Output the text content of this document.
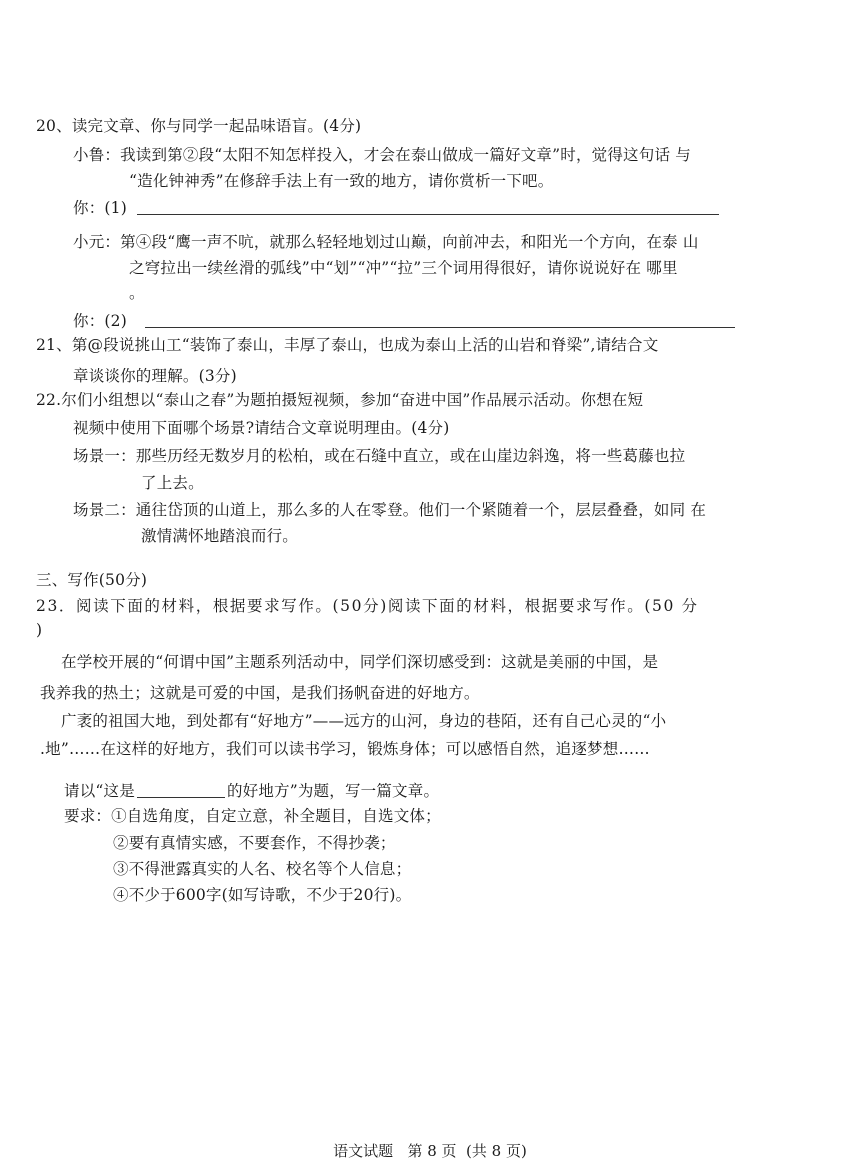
20、读完文章、你与同学一起品味语盲。(4分)
小鲁：我读到第②段“太阳不知怎样投入，才会在泰山做成一篇好文章”时，觉得这句话 与
“造化钟神秀”在修辞手法上有一致的地方，请你赏析一下吧。
你：(1)
小元：第④段“鹰一声不吭，就那么轻轻地划过山巅，向前冲去，和阳光一个方向，在泰 山
之穹拉出一续丝滑的弧线”中“划”“冲”“拉”三个词用得很好，请你说说好在 哪里
。
你：(2)
21、第@段说挑山工“装饰了泰山，丰厚了泰山，也成为泰山上活的山岩和脊梁”,请结合文
章谈谈你的理解。(3分)
22.尔们小组想以“泰山之春”为题拍摄短视频，参加“奋进中国”作品展示活动。你想在短
视频中使用下面哪个场景?请结合文章说明理由。(4分)
场景一：那些历经无数岁月的松柏，或在石缝中直立，或在山崖边斜逸，将一些葛藤也拉
了上去。
场景二：通往岱顶的山道上，那么多的人在零登。他们一个紧随着一个，层层叠叠，如同 在
激情满怀地踏浪而行。
三、写作(50分)
23．阅读下面的材料，根据要求写作。(50分)阅读下面的材料，根据要求写作。(50 分
)
在学校开展的“何谓中国”主题系列活动中，同学们深切感受到：这就是美丽的中国，是
我养我的热土；这就是可爱的中国，是我们扬帆奋进的好地方。
广袤的祖国大地，到处都有“好地方”——远方的山河，身边的巷陌，还有自己心灵的“小
.地”……在这样的好地方，我们可以读书学习，锻炼身体；可以感悟自然，追逐梦想……
请以“这是	的好地方”为题，写一篇文章。
要求：①自选角度，自定立意，补全题目，自选文体；
②要有真情实感，不要套作，不得抄袭；
③不得泄露真实的人名、校名等个人信息；
④不少于600字(如写诗歌，不少于20行)。
语文试题   第 8 页  (共 8 页)
